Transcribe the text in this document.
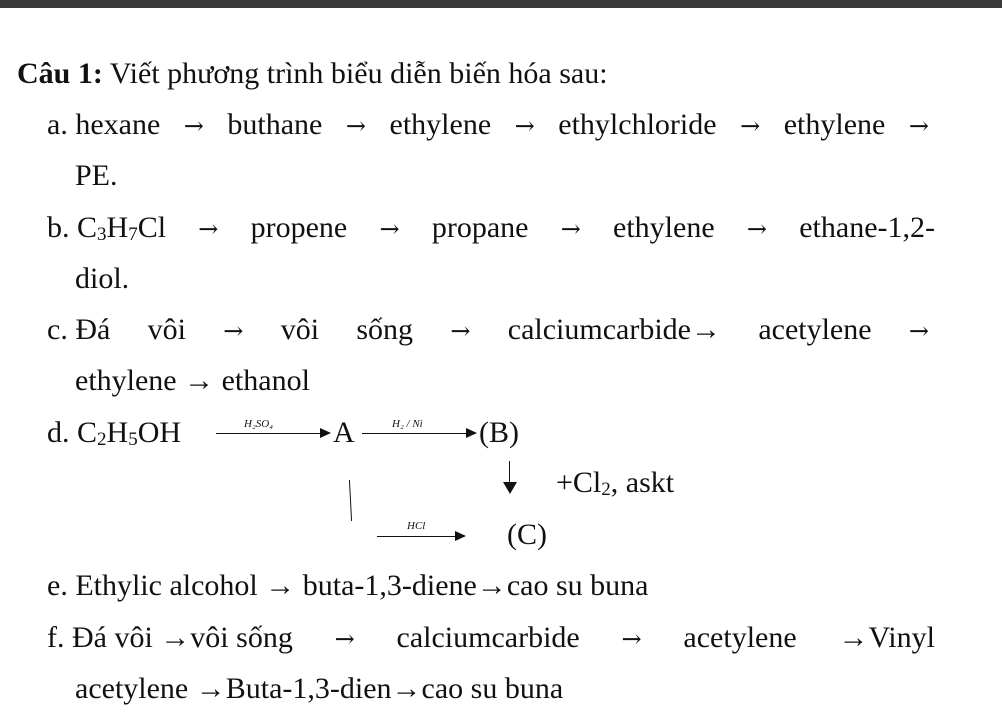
Câu 1: Viết phương trình biểu diễn biến hóa sau:
a. hexane → buthane → ethylene → ethylchloride → ethylene →
PE.
b. $C_3H_7Cl$ → propene → propane → ethylene → ethane-1,2-
diol.
c. Đá vôi → vôi sống → calciumcarbide→ acetylene →
ethylene → ethanol
d. $C_2H_5OH$	H₂SO₄ A	H₂ / Ni (B)
$+Cl_2$, askt
HCl	(C)
e. Ethylic alcohol → buta-1,3-diene→cao su buna
f. Đá vôi →vôi sống → calciumcarbide → acetylene →Vinyl
acetylene →Buta-1,3-dien→cao su buna
